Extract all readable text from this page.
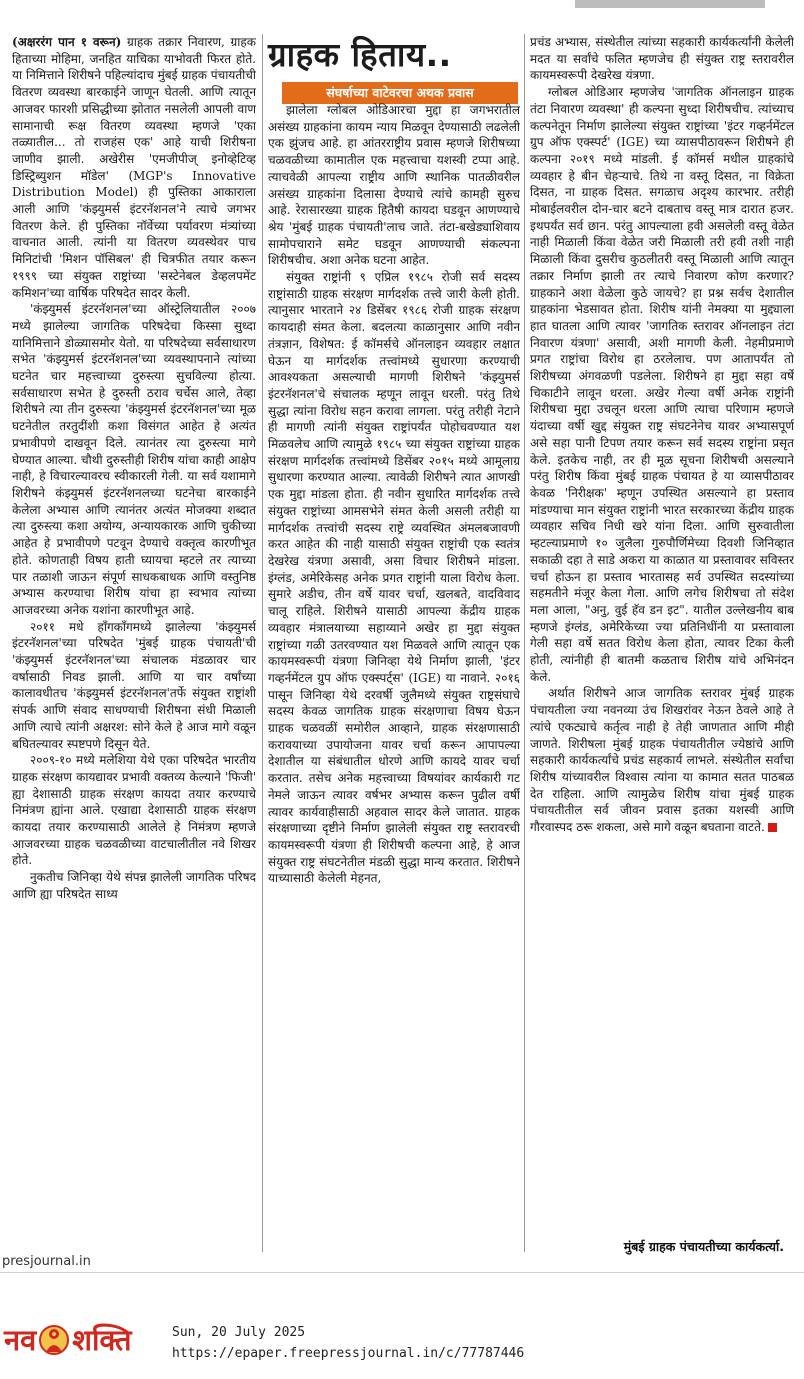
ग्राहक हिताय..
संघर्षाच्या वाटेवरचा अथक प्रवास

(अक्षररंग पान १ वरून) ग्राहक तक्रार निवारण, ग्राहक हिताच्या मोहिमा, जनहित याचिका याभोवती फिरत होते. या निमित्ताने शिरीषने पहिल्यांदाच मुंबई ग्राहक पंचायतीची वितरण व्यवस्था बारकाईने जाणून घेतली. आणि त्यातून आजवर फारशी प्रसिद्धीच्या झोतात नसलेली आपली वाण सामानाची रूक्ष वितरण व्यवस्था म्हणजे 'एका तळ्यातील... तो राजहंस एक' आहे याची शिरीषना जाणीव झाली. अखेरीस 'एमजीपीज् इनोव्हेटिव्ह डिस्ट्रिब्युशन मॉडेल' (MGP's Innovative Distribution Model) ही पुस्तिका आकाराला आली आणि 'कंझ्युमर्स इंटरनॅशनल'ने त्याचे जगभर वितरण केले. ही पुस्तिका नॉर्वेच्या पर्यावरण मंत्र्यांच्या वाचनात आली. त्यांनी या वितरण व्यवस्थेवर पाच मिनिटांची 'मिशन पॉसिबल' ही चित्रफीत तयार करून १९९९ च्या संयुक्त राष्ट्रांच्या 'सस्टेनेबल डेव्हलपमेंट कमिशन'च्या वार्षिक परिषदेत सादर केली.

'कंझ्युमर्स इंटरनॅशनल'च्या ऑस्ट्रेलियातील २००७ मध्ये झालेल्या जागतिक परिषदेचा किस्सा सुध्दा यानिमित्ताने डोळ्यासमोर येतो. या परिषदेच्या सर्वसाधारण सभेत 'कंझ्युमर्स इंटरनॅशनल'च्या व्यवस्थापनाने त्यांच्या घटनेत चार महत्त्वाच्या दुरुस्त्या सुचविल्या होत्या. सर्वसाधारण सभेत हे दुरुस्ती ठराव चर्चेस आले, तेव्हा शिरीषने त्या तीन दुरुस्त्या 'कंझ्युमर्स इंटरनॅशनल'च्या मूळ घटनेतील तरतुदींशी कशा विसंगत आहेत हे अत्यंत प्रभावीपणे दाखवून दिले. त्यानंतर त्या दुरुस्त्या मागे घेण्यात आल्या. चौथी दुरुस्तीही शिरीष यांचा काही आक्षेप नाही, हे विचारल्यावरच स्वीकारली गेली. या सर्व यशामागे शिरीषने कंझ्युमर्स इंटरनॅशनलच्या घटनेचा बारकाईने केलेला अभ्यास आणि त्यानंतर अत्यंत मोजक्या शब्दात त्या दुरुस्त्या कशा अयोग्य, अन्यायकारक आणि चुकीच्या आहेत हे प्रभावीपणे पटवून देण्याचे वक्तृत्व कारणीभूत होते. कोणताही विषय हाती घ्यायचा म्हटले तर त्याच्या पार तळाशी जाऊन संपूर्ण साधकबाधक आणि वस्तुनिष्ठ अभ्यास करण्याचा शिरीष यांचा हा स्वभाव त्यांच्या आजवरच्या अनेक यशांना कारणीभूत आहे.

२०११ मधे हाँगकाँगमध्ये झालेल्या 'कंझ्युमर्स इंटरनॅशनल'च्या परिषदेत 'मुंबई ग्राहक पंचायती'ची 'कंझ्युमर्स इंटरनॅशनल'च्या संचालक मंडळावर चार वर्षासाठी निवड झाली. आणि या चार वर्षांच्या कालावधीतच 'कंझ्युमर्स इंटरनॅशनल'तर्फे संयुक्त राष्ट्रांशी संपर्क आणि संवाद साधण्याची शिरीषना संधी मिळाली आणि त्याचे त्यांनी अक्षरश: सोने केले हे आज मागे वळून बघितल्यावर स्पष्टपणे दिसून येते.

२००९-१० मध्ये मलेशिया येथे एका परिषदेत भारतीय ग्राहक संरक्षण कायद्यावर प्रभावी वक्तव्य केल्याने 'फिजी' ह्या देशासाठी ग्राहक संरक्षण कायदा तयार करण्याचे निमंत्रण ह्यांना आले. एखाद्या देशासाठी ग्राहक संरक्षण कायदा तयार करण्यासाठी आलेले हे निमंत्रण म्हणजे आजवरच्या ग्राहक चळवळीच्या वाटचालीतील नवे शिखर होते.

नुकतीच जिनिव्हा येथे संपन्न झालेली जागतिक परिषद आणि ह्या परिषदेत साध्य

झालेला ग्लोबल ओडिआरचा मुद्दा हा जगभरातील असंख्य ग्राहकांना कायम न्याय मिळवून देण्यासाठी लढलेली एक झुंजच आहे. हा आंतरराष्ट्रीय प्रवास म्हणजे शिरीषच्या चळवळीच्या कामातील एक महत्त्वाचा यशस्वी टप्पा आहे. त्याचवेळी आपल्या राष्ट्रीय आणि स्थानिक पातळीवरील असंख्य ग्राहकांना दिलासा देण्याचे त्यांचे कामही सुरुच आहे. रेरासारख्या ग्राहक हितैषी कायदा घडवून आणण्याचे श्रेय 'मुंबई ग्राहक पंचायती'लाच जाते. तंटा-बखेड्याशिवाय सामोपचाराने समेट घडवून आणण्याची संकल्पना शिरीषचीच. अशा अनेक घटना आहेत.

संयुक्त राष्ट्रांनी ९ एप्रिल १९८५ रोजी सर्व सदस्य राष्ट्रांसाठी ग्राहक संरक्षण मार्गदर्शक तत्त्वे जारी केली होती. त्यानुसार भारताने २४ डिसेंबर १९८६ रोजी ग्राहक संरक्षण कायदाही संमत केला. बदलत्या काळानुसार आणि नवीन तंत्रज्ञान, विशेषत: ई कॉमर्सचे ऑनलाइन व्यवहार लक्षात घेऊन या मार्गदर्शक तत्त्वांमध्ये सुधारणा करण्याची आवश्यकता असल्याची मागणी शिरीषने 'कंझ्युमर्स इंटरनॅशनल'चे संचालक म्हणून लावून धरली. परंतु तिथे सुद्धा त्यांना विरोध सहन करावा लागला. परंतु तरीही नेटाने ही मागणी त्यांनी संयुक्त राष्ट्रांपर्यंत पोहोचवण्यात यश मिळवलेच आणि त्यामुळे १९८५ च्या संयुक्त राष्ट्रांच्या ग्राहक संरक्षण मार्गदर्शक तत्त्वांमध्ये डिसेंबर २०१५ मध्ये आमूलाग्र सुधारणा करण्यात आल्या. त्यावेळी शिरीषने त्यात आणखी एक मुद्दा मांडला होता. ही नवीन सुधारित मार्गदर्शक तत्त्वे संयुक्त राष्ट्रांच्या आमसभेने संमत केली असली तरीही या मार्गदर्शक तत्त्वांची सदस्य राष्ट्रे व्यवस्थित अंमलबजावणी करत आहेत की नाही यासाठी संयुक्त राष्ट्रांची एक स्वतंत्र देखरेख यंत्रणा असावी, असा विचार शिरीषने मांडला. इंग्लंड, अमेरिकेसह अनेक प्रगत राष्ट्रांनी याला विरोध केला. सुमारे अडीच, तीन वर्षे यावर चर्चा, खलबते, वादविवाद चालू राहिले. शिरीषने यासाठी आपल्या केंद्रीय ग्राहक व्यवहार मंत्रालयाच्या सहाय्याने अखेर हा मुद्दा संयुक्त राष्ट्रांच्या गळी उतरवण्यात यश मिळवले आणि त्यातून एक कायमस्वरूपी यंत्रणा जिनिव्हा येथे निर्माण झाली, 'इंटर गव्हर्नमेंटल ग्रुप ऑफ एक्स्पर्ट्स' (IGE) या नावाने. २०१६ पासून जिनिव्हा येथे दरवर्षी जुलैमध्ये संयुक्त राष्ट्रसंघाचे सदस्य केवळ जागतिक ग्राहक संरक्षणाचा विषय घेऊन ग्राहक चळवळीं समोरील आव्हाने, ग्राहक संरक्षणासाठी करावयाच्या उपायोजना यावर चर्चा करून आपापल्या देशातील या संबंधातील धोरणे आणि कायदे यावर चर्चा करतात. तसेच अनेक महत्त्वाच्या विषयांवर कार्यकारी गट नेमले जाऊन त्यावर वर्षभर अभ्यास करून पुढील वर्षी त्यावर कार्यवाहीसाठी अहवाल सादर केले जातात. ग्राहक संरक्षणाच्या दृष्टीने निर्माण झालेली संयुक्त राष्ट्र स्तरावरची कायमस्वरूपी यंत्रणा ही शिरीषची कल्पना आहे, हे आज संयुक्त राष्ट्र संघटनेतील मंडळी सुद्धा मान्य करतात. शिरीषने याच्यासाठी केलेली मेहनत,

प्रचंड अभ्यास, संस्थेतील त्यांच्या सहकारी कार्यकर्त्यांनी केलेली मदत या सर्वांचे फलित म्हणजेच ही संयुक्त राष्ट्र स्तरावरील कायमस्वरूपी देखरेख यंत्रणा.

ग्लोबल ओडिआर म्हणजेच 'जागतिक ऑनलाइन ग्राहक तंटा निवारण व्यवस्था' ही कल्पना सुध्दा शिरीषचीच. त्यांच्याच कल्पनेतून निर्माण झालेल्या संयुक्त राष्ट्रांच्या 'इंटर गव्हर्नमेंटल ग्रुप ऑफ एक्स्पर्ट' (IGE) च्या व्यासपीठावरून शिरीषने ही कल्पना २०१९ मध्ये मांडली. ई कॉमर्स मधील ग्राहकांचे व्यवहार हे बीन चेहऱ्याचे. तिथे ना वस्तू दिसत, ना विक्रेता दिसत, ना ग्राहक दिसत. सगळाच अदृश्य कारभार. तरीही मोबाईलवरील दोन-चार बटने दाबताच वस्तू मात्र दारात हजर. इथपर्यंत सर्व छान. परंतु आपल्याला हवी असलेली वस्तू वेळेत नाही मिळाली किंवा वेळेत जरी मिळाली तरी हवी तशी नाही मिळाली किंवा दुसरीच कुठलीतरी वस्तू मिळाली आणि त्यातून तक्रार निर्माण झाली तर त्याचे निवारण कोण करणार? ग्राहकाने अशा वेळेला कुठे जायचे? हा प्रश्न सर्वच देशातील ग्राहकांना भेडसावत होता. शिरीष यांनी नेमक्या या मुद्द्याला हात घातला आणि त्यावर 'जागतिक स्तरावर ऑनलाइन तंटा निवारण यंत्रणा' असावी, अशी मागणी केली. नेहमीप्रमाणे प्रगत राष्ट्रांचा विरोध हा ठरलेलाच. पण आतापर्यंत तो शिरीषच्या अंगवळणी पडलेला. शिरीषने हा मुद्दा सहा वर्षे चिकाटीने लावून धरला. अखेर गेल्या वर्षी अनेक राष्ट्रांनी शिरीषचा मुद्दा उचलून धरला आणि त्याचा परिणाम म्हणजे यंदाच्या वर्षी खुद्द संयुक्त राष्ट्र संघटनेनेच यावर अभ्यासपूर्ण असे सहा पानी टिपण तयार करून सर्व सदस्य राष्ट्रांना प्रसृत केले. इतकेच नाही, तर ही मूळ सूचना शिरीषची असल्याने परंतु शिरीष किंवा मुंबई ग्राहक पंचायत हे या व्यासपीठावर केवळ 'निरीक्षक' म्हणून उपस्थित असल्याने हा प्रस्ताव मांडण्याचा मान संयुक्त राष्ट्रांनी भारत सरकारच्या केंद्रीय ग्राहक व्यवहार सचिव निधी खरे यांना दिला. आणि सुरुवातीला म्हटल्याप्रमाणे १० जुलैला गुरुपौर्णिमेच्या दिवशी जिनिव्हात सकाळी दहा ते साडे अकरा या काळात या प्रस्तावावर सविस्तर चर्चा होऊन हा प्रस्ताव भारतासह सर्व उपस्थित सदस्यांच्या सहमतीने मंजूर केला गेला. आणि लगेच शिरीषचा तो संदेश मला आला, "अनु, वुई हॅव डन इट". यातील उल्लेखनीय बाब म्हणजे इंग्लंड, अमेरिकेच्या ज्या प्रतिनिधींनी या प्रस्तावाला गेली सहा वर्षे सतत विरोध केला होता, त्यावर टिका केली होती, त्यांनीही ही बातमी कळताच शिरीष यांचे अभिनंदन केले.

अर्थात शिरीषने आज जागतिक स्तरावर मुंबई ग्राहक पंचायतीला ज्या नवनव्या उंच शिखरांवर नेऊन ठेवले आहे ते त्यांचे एकट्याचे कर्तृत्व नाही हे तेही जाणतात आणि मीही जाणते. शिरीषला मुंबई ग्राहक पंचायतीतील ज्येष्ठांचे आणि सहकारी कार्यकर्त्यांचे प्रचंड सहकार्य लाभले. संस्थेतील सर्वांचा शिरीष यांच्यावरील विश्वास त्यांना या कामात सतत पाठबळ देत राहिला. आणि त्यामुळेच शिरीष यांचा मुंबई ग्राहक पंचायतीतील सर्व जीवन प्रवास इतका यशस्वी आणि गौरवास्पद ठरू शकला, असे मागे वळून बघताना वाटते.

मुंबई ग्राहक पंचायतीच्या कार्यकर्त्या.
presjournal.in
नव शक्ति	Sun, 20 July 2025
https://epaper.freepressjournal.in/c/77787446
